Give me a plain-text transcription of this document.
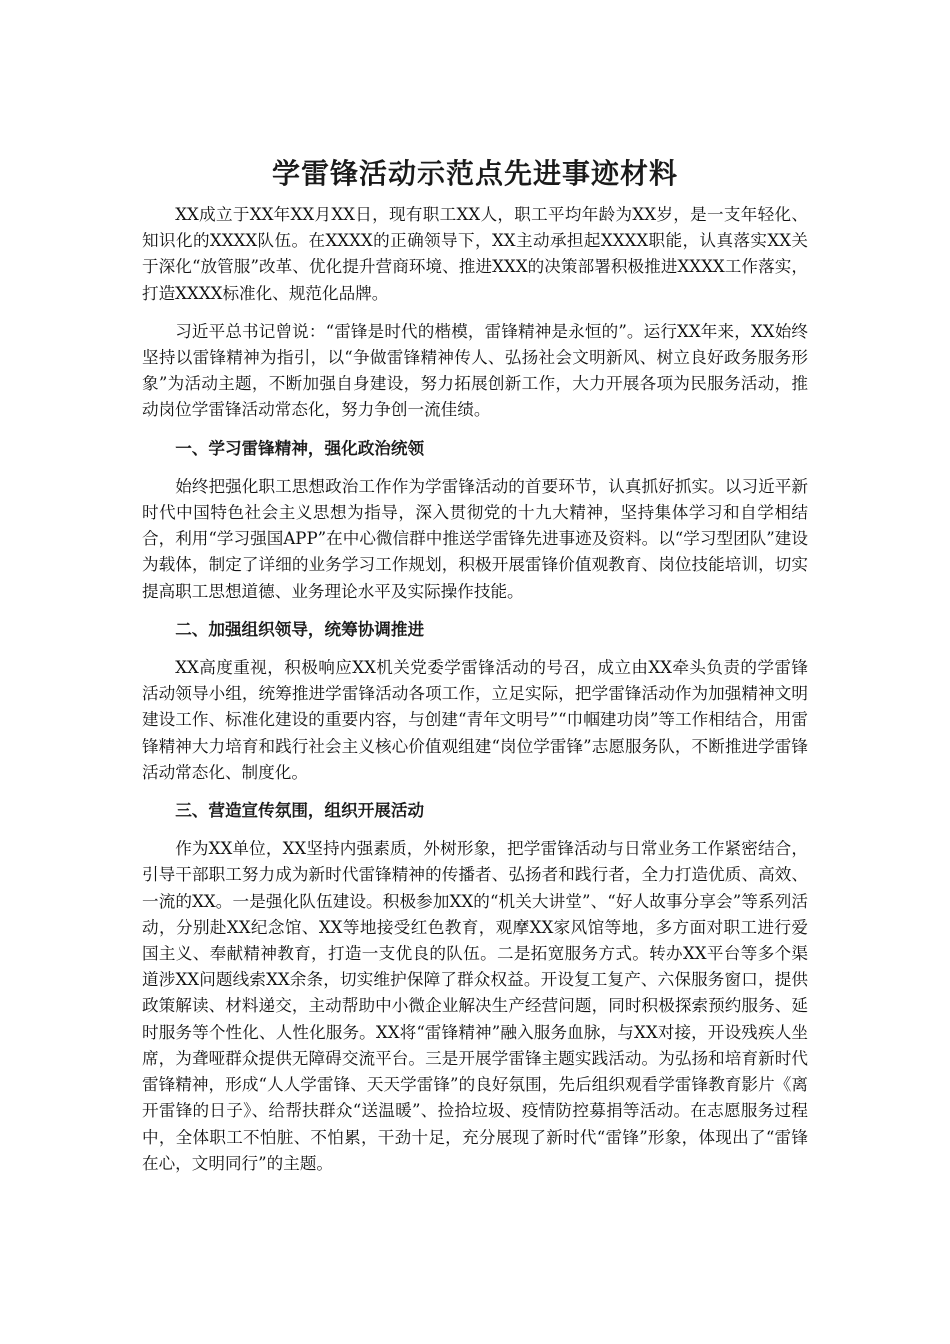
学雷锋活动示范点先进事迹材料

XX成立于XX年XX月XX日，现有职工XX人，职工平均年龄为XX岁，是一支年轻化、知识化的XXXX队伍。在XXXX的正确领导下，XX主动承担起XXXX职能，认真落实XX关于深化“放管服”改革、优化提升营商环境、推进XXX的决策部署积极推进XXXX工作落实，打造XXXX标准化、规范化品牌。

习近平总书记曾说：“雷锋是时代的楷模，雷锋精神是永恒的”。运行XX年来，XX始终坚持以雷锋精神为指引，以“争做雷锋精神传人、弘扬社会文明新风、树立良好政务服务形象”为活动主题，不断加强自身建设，努力拓展创新工作，大力开展各项为民服务活动，推动岗位学雷锋活动常态化，努力争创一流佳绩。

一、学习雷锋精神，强化政治统领

始终把强化职工思想政治工作作为学雷锋活动的首要环节，认真抓好抓实。以习近平新时代中国特色社会主义思想为指导，深入贯彻党的十九大精神，坚持集体学习和自学相结合，利用“学习强国APP”在中心微信群中推送学雷锋先进事迹及资料。以“学习型团队”建设为载体，制定了详细的业务学习工作规划，积极开展雷锋价值观教育、岗位技能培训，切实提高职工思想道德、业务理论水平及实际操作技能。

二、加强组织领导，统筹协调推进

XX高度重视，积极响应XX机关党委学雷锋活动的号召，成立由XX牵头负责的学雷锋活动领导小组，统筹推进学雷锋活动各项工作，立足实际，把学雷锋活动作为加强精神文明建设工作、标准化建设的重要内容，与创建“青年文明号”“巾帼建功岗”等工作相结合，用雷锋精神大力培育和践行社会主义核心价值观组建“岗位学雷锋”志愿服务队，不断推进学雷锋活动常态化、制度化。

三、营造宣传氛围，组织开展活动

作为XX单位，XX坚持内强素质，外树形象，把学雷锋活动与日常业务工作紧密结合，引导干部职工努力成为新时代雷锋精神的传播者、弘扬者和践行者，全力打造优质、高效、一流的XX。一是强化队伍建设。积极参加XX的“机关大讲堂”、“好人故事分享会”等系列活动，分别赴XX纪念馆、XX等地接受红色教育，观摩XX家风馆等地，多方面对职工进行爱国主义、奉献精神教育，打造一支优良的队伍。二是拓宽服务方式。转办XX平台等多个渠道涉XX问题线索XX余条，切实维护保障了群众权益。开设复工复产、六保服务窗口，提供政策解读、材料递交，主动帮助中小微企业解决生产经营问题，同时积极探索预约服务、延时服务等个性化、人性化服务。XX将“雷锋精神”融入服务血脉，与XX对接，开设残疾人坐席，为聋哑群众提供无障碍交流平台。三是开展学雷锋主题实践活动。为弘扬和培育新时代雷锋精神，形成“人人学雷锋、天天学雷锋”的良好氛围，先后组织观看学雷锋教育影片《离开雷锋的日子》、给帮扶群众“送温暖”、捡拾垃圾、疫情防控募捐等活动。在志愿服务过程中，全体职工不怕脏、不怕累，干劲十足，充分展现了新时代“雷锋”形象，体现出了“雷锋在心，文明同行”的主题。
